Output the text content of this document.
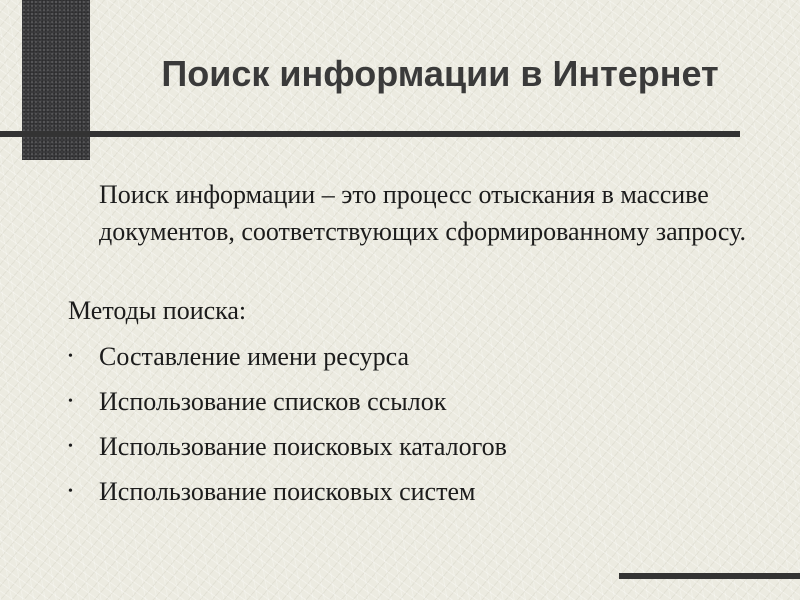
Поиск информации в Интернет

Поиск информации – это процесс отыскания в массиве документов, соответствующих сформированному запросу.

Методы поиска:

•	Составление имени ресурса
•	Использование списков ссылок
•	Использование поисковых каталогов
•	Использование поисковых систем
